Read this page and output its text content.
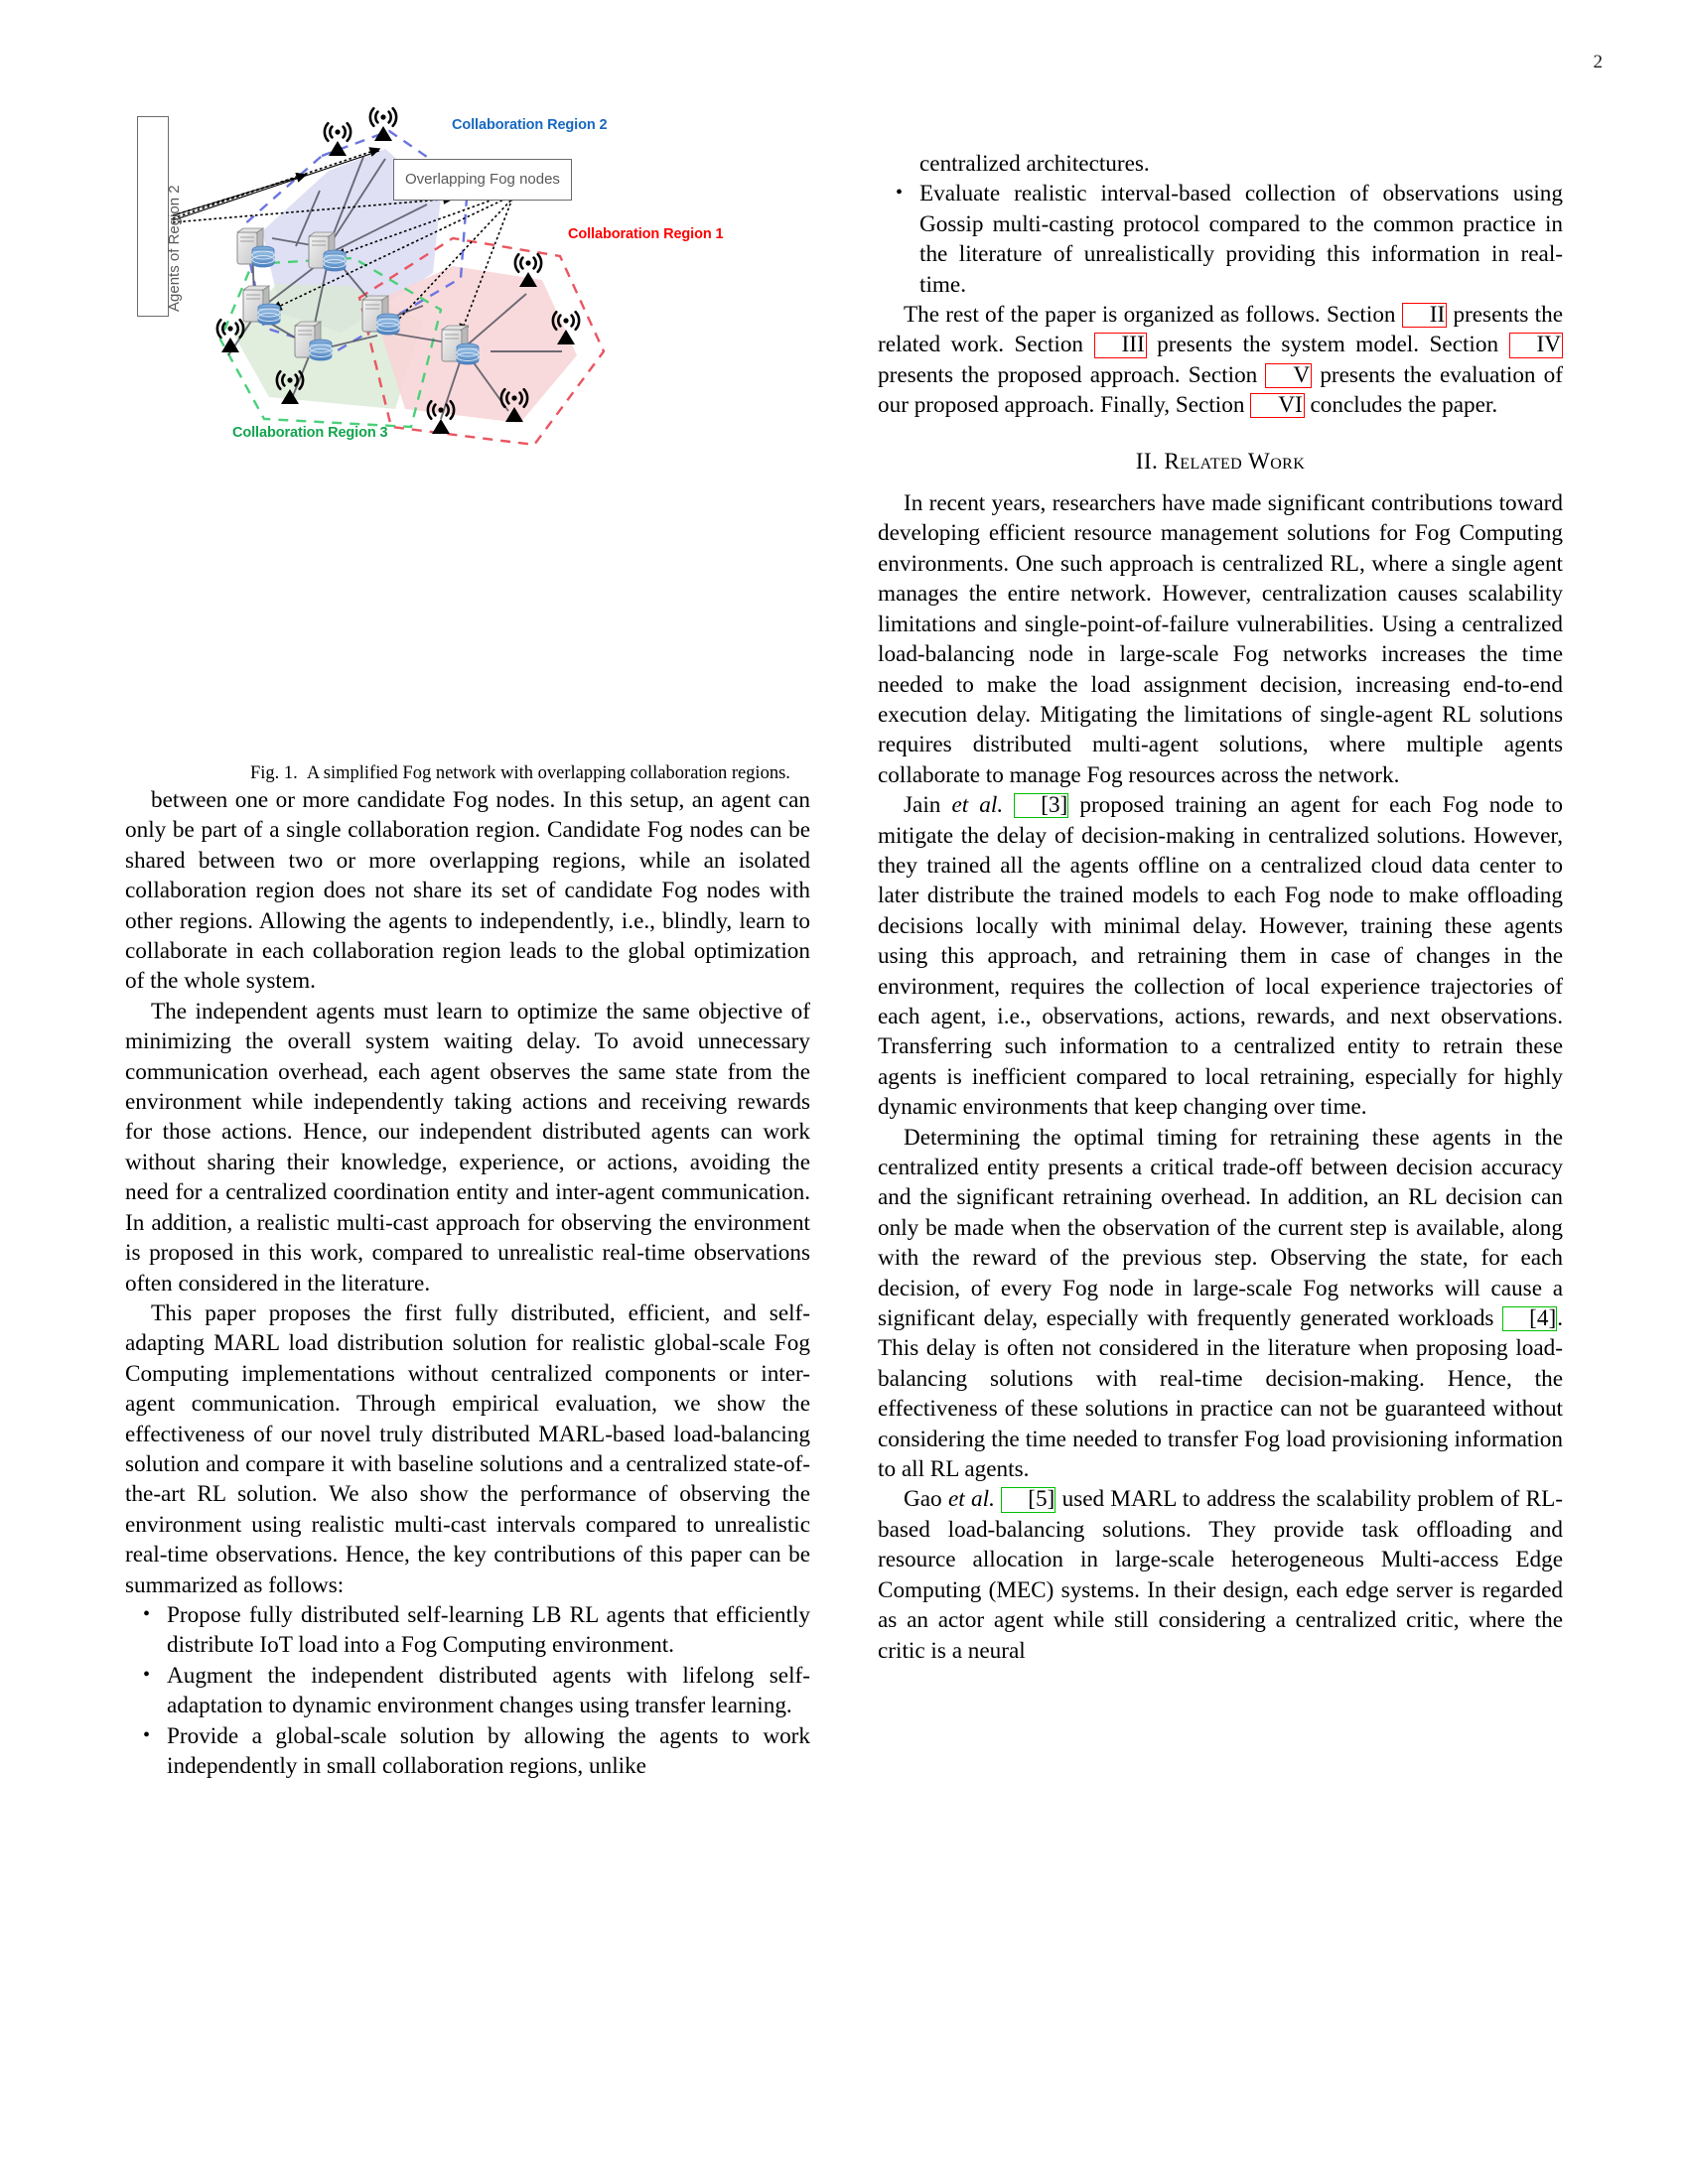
2
Collaboration Region 2
Collaboration Region 1
Collaboration Region 3
Overlapping Fog nodes
Agents of Region 2
Fig. 1. A simplified Fog network with overlapping collaboration regions.

between one or more candidate Fog nodes. In this setup, an agent can only be part of a single collaboration region. Candidate Fog nodes can be shared between two or more overlapping regions, while an isolated collaboration region does not share its set of candidate Fog nodes with other regions. Allowing the agents to independently, i.e., blindly, learn to collaborate in each collaboration region leads to the global optimization of the whole system.

The independent agents must learn to optimize the same objective of minimizing the overall system waiting delay. To avoid unnecessary communication overhead, each agent observes the same state from the environment while independently taking actions and receiving rewards for those actions. Hence, our independent distributed agents can work without sharing their knowledge, experience, or actions, avoiding the need for a centralized coordination entity and inter-agent communication. In addition, a realistic multi-cast approach for observing the environment is proposed in this work, compared to unrealistic real-time observations often considered in the literature.

This paper proposes the first fully distributed, efficient, and self-adapting MARL load distribution solution for realistic global-scale Fog Computing implementations without centralized components or inter-agent communication. Through empirical evaluation, we show the effectiveness of our novel truly distributed MARL-based load-balancing solution and compare it with baseline solutions and a centralized state-of-the-art RL solution. We also show the performance of observing the environment using realistic multi-cast intervals compared to unrealistic real-time observations. Hence, the key contributions of this paper can be summarized as follows:

• Propose fully distributed self-learning LB RL agents that efficiently distribute IoT load into a Fog Computing environment.
• Augment the independent distributed agents with lifelong self-adaptation to dynamic environment changes using transfer learning.
• Provide a global-scale solution by allowing the agents to work independently in small collaboration regions, unlike

centralized architectures.

• Evaluate realistic interval-based collection of observations using Gossip multi-casting protocol compared to the common practice in the literature of unrealistically providing this information in real-time.

The rest of the paper is organized as follows. Section II presents the related work. Section III presents the system model. Section IV presents the proposed approach. Section V presents the evaluation of our proposed approach. Finally, Section VI concludes the paper.

II. Related Work

In recent years, researchers have made significant contributions toward developing efficient resource management solutions for Fog Computing environments. One such approach is centralized RL, where a single agent manages the entire network. However, centralization causes scalability limitations and single-point-of-failure vulnerabilities. Using a centralized load-balancing node in large-scale Fog networks increases the time needed to make the load assignment decision, increasing end-to-end execution delay. Mitigating the limitations of single-agent RL solutions requires distributed multi-agent solutions, where multiple agents collaborate to manage Fog resources across the network.

Jain et al. [3] proposed training an agent for each Fog node to mitigate the delay of decision-making in centralized solutions. However, they trained all the agents offline on a centralized cloud data center to later distribute the trained models to each Fog node to make offloading decisions locally with minimal delay. However, training these agents using this approach, and retraining them in case of changes in the environment, requires the collection of local experience trajectories of each agent, i.e., observations, actions, rewards, and next observations. Transferring such information to a centralized entity to retrain these agents is inefficient compared to local retraining, especially for highly dynamic environments that keep changing over time.

Determining the optimal timing for retraining these agents in the centralized entity presents a critical trade-off between decision accuracy and the significant retraining overhead. In addition, an RL decision can only be made when the observation of the current step is available, along with the reward of the previous step. Observing the state, for each decision, of every Fog node in large-scale Fog networks will cause a significant delay, especially with frequently generated workloads [4]. This delay is often not considered in the literature when proposing load-balancing solutions with real-time decision-making. Hence, the effectiveness of these solutions in practice can not be guaranteed without considering the time needed to transfer Fog load provisioning information to all RL agents.

Gao et al. [5] used MARL to address the scalability problem of RL-based load-balancing solutions. They provide task offloading and resource allocation in large-scale heterogeneous Multi-access Edge Computing (MEC) systems. In their design, each edge server is regarded as an actor agent while still considering a centralized critic, where the critic is a neural
